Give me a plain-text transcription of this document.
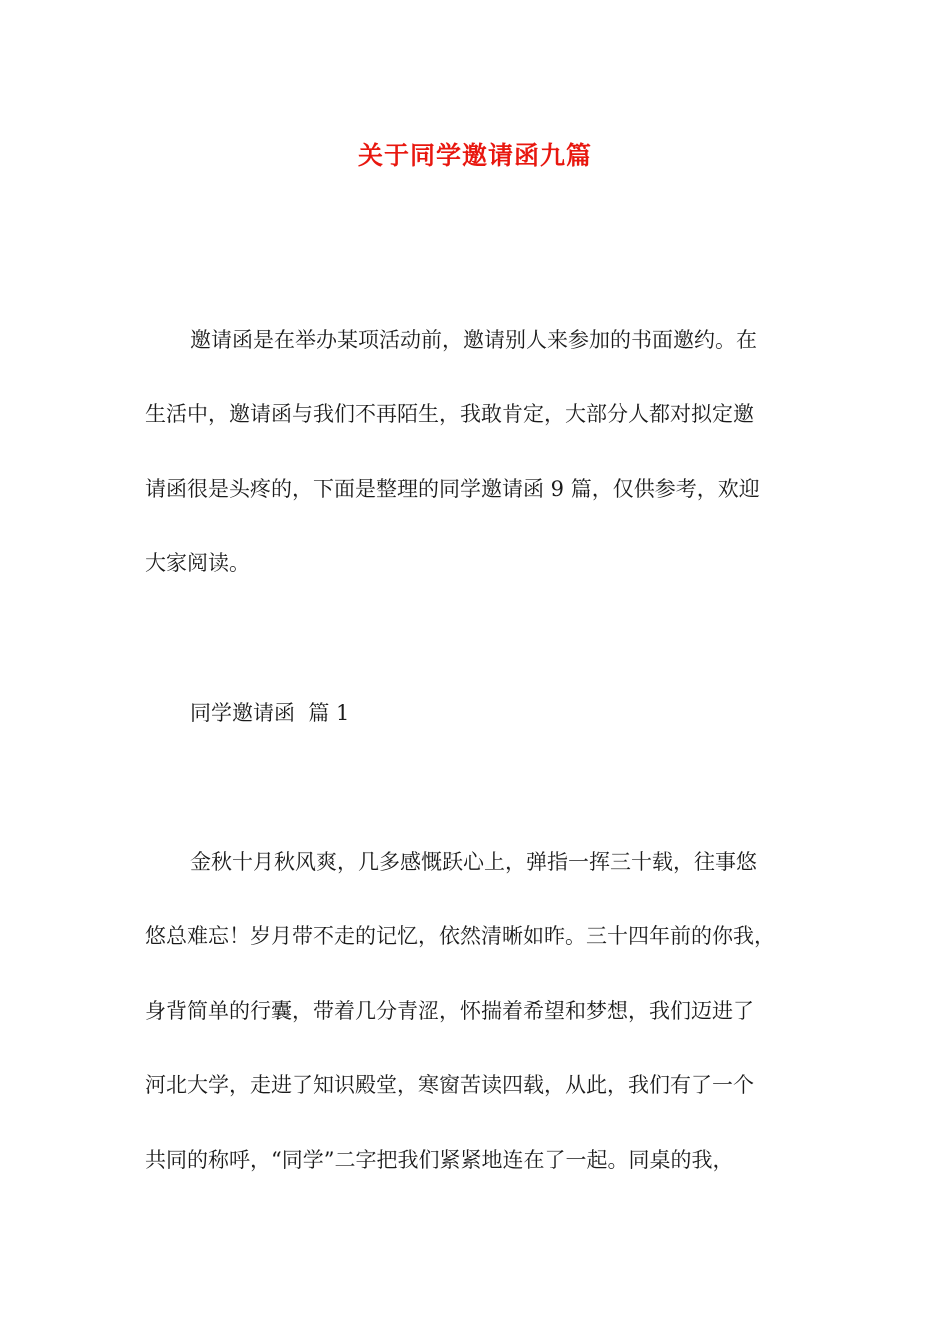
关于同学邀请函九篇
邀请函是在举办某项活动前，邀请别人来参加的书面邀约。在
生活中，邀请函与我们不再陌生，我敢肯定，大部分人都对拟定邀
请函很是头疼的，下面是整理的同学邀请函 9 篇，仅供参考，欢迎
大家阅读。
同学邀请函  篇 1
金秋十月秋风爽，几多感慨跃心上，弹指一挥三十载，往事悠
悠总难忘！岁月带不走的记忆，依然清晰如昨。三十四年前的你我，
身背简单的行囊，带着几分青涩，怀揣着希望和梦想，我们迈进了
河北大学，走进了知识殿堂，寒窗苦读四载，从此，我们有了一个
共同的称呼，“同学”二字把我们紧紧地连在了一起。同桌的我，
